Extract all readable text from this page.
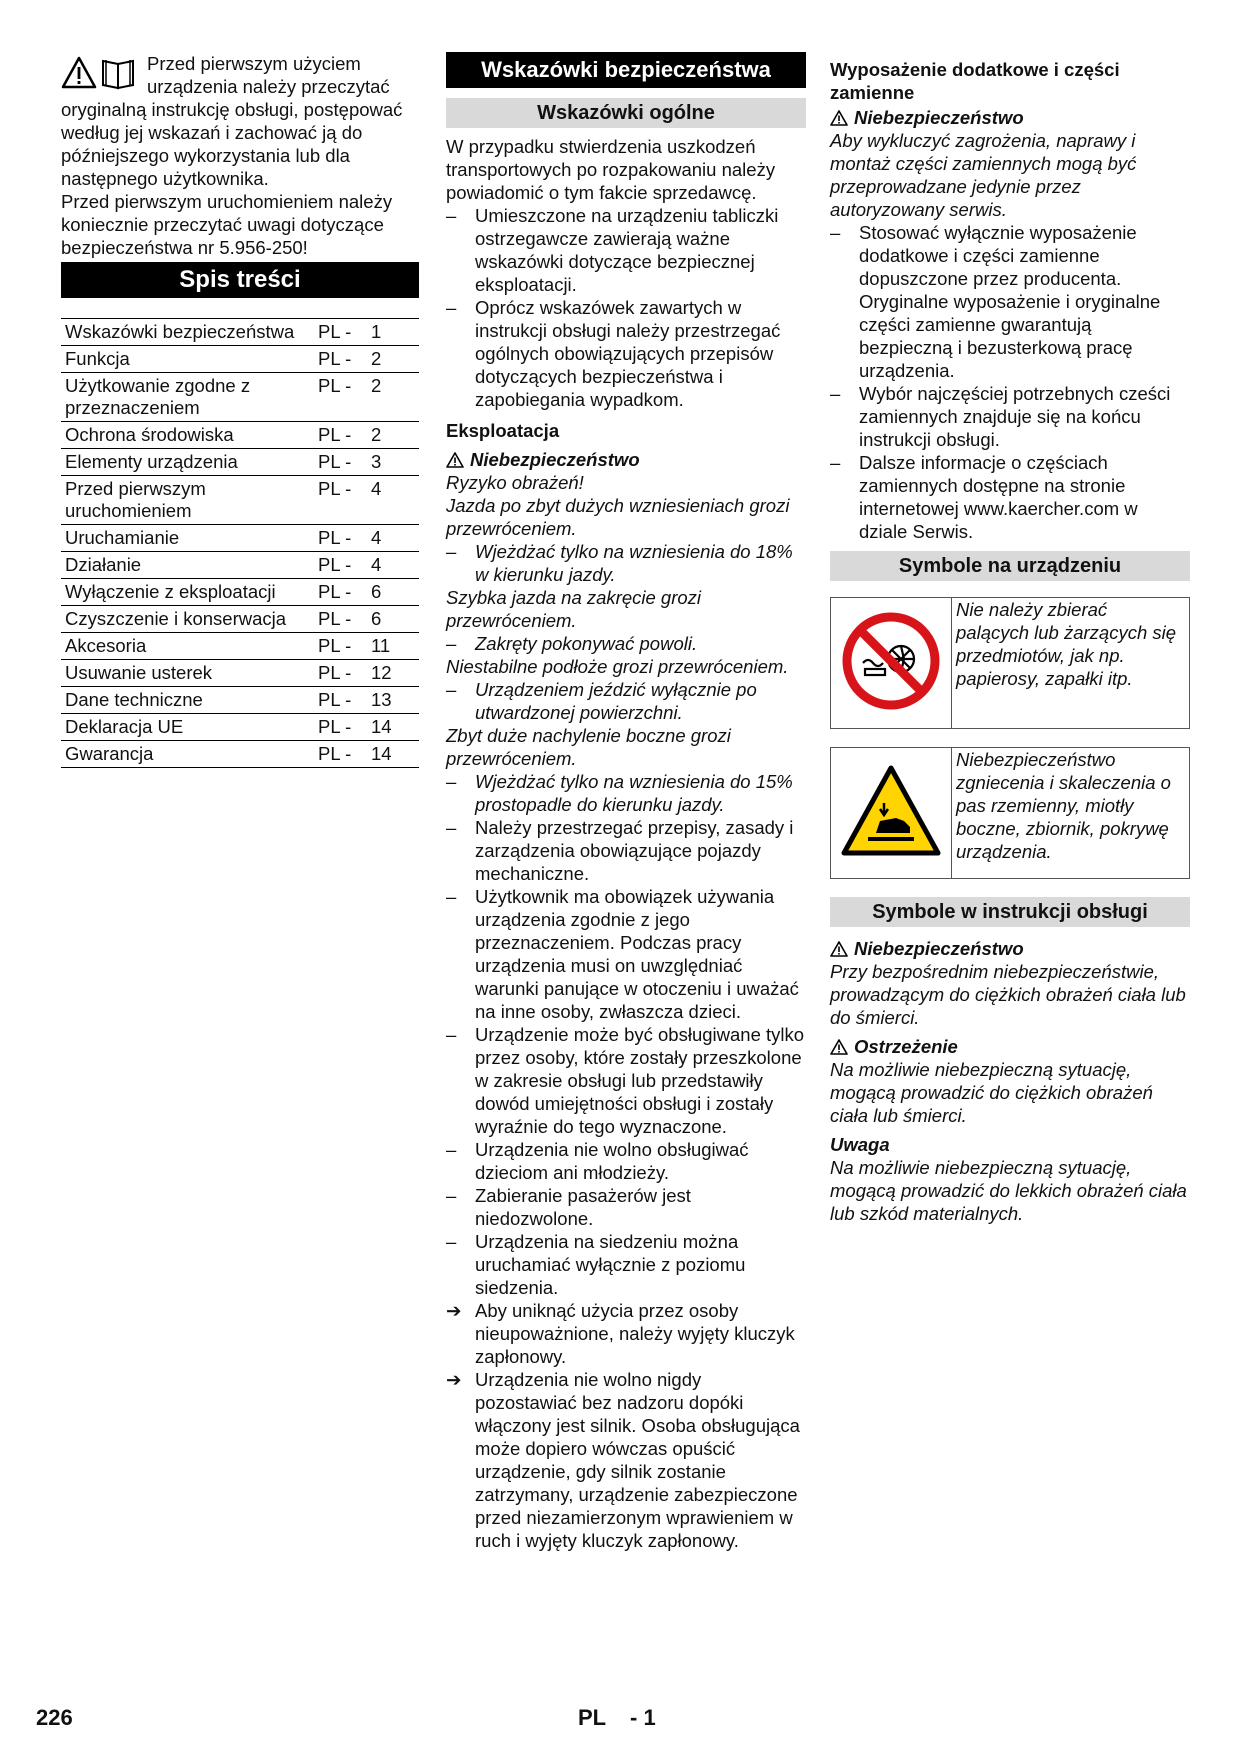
Przed pierwszym użyciem urządzenia należy przeczytać oryginalną instrukcję obsługi, postępować według jej wskazań i zachować ją do późniejszego wykorzystania lub dla następnego użytkownika.

Przed pierwszym uruchomieniem należy koniecznie przeczytać uwagi dotyczące bezpieczeństwa nr 5.956-250!

Spis treści
Wskazówki bezpieczeństwa	PL -	1
Funkcja	PL -	2
Użytkowanie zgodne z przeznaczeniem	PL -	2
Ochrona środowiska	PL -	2
Elementy urządzenia	PL -	3
Przed pierwszym uruchomieniem	PL -	4
Uruchamianie	PL -	4
Działanie	PL -	4
Wyłączenie z eksploatacji	PL -	6
Czyszczenie i konserwacja	PL -	6
Akcesoria	PL -	11
Usuwanie usterek	PL -	12
Dane techniczne	PL -	13
Deklaracja UE	PL -	14
Gwarancja	PL -	14
Wskazówki bezpieczeństwa
Wskazówki ogólne

W przypadku stwierdzenia uszkodzeń transportowych po rozpakowaniu należy powiadomić o tym fakcie sprzedawcę.

– Umieszczone na urządzeniu tabliczki ostrzegawcze zawierają ważne wskazówki dotyczące bezpiecznej eksploatacji.
– Oprócz wskazówek zawartych w instrukcji obsługi należy przestrzegać ogólnych obowiązujących przepisów dotyczących bezpieczeństwa i zapobiegania wypadkom.

Eksploatacja

Niebezpieczeństwo

Ryzyko obrażeń!

Jazda po zbyt dużych wzniesieniach grozi przewróceniem.

– Wjeżdżać tylko na wzniesienia do 18% w kierunku jazdy.

Szybka jazda na zakręcie grozi przewróceniem.

– Zakręty pokonywać powoli.

Niestabilne podłoże grozi przewróceniem.

– Urządzeniem jeździć wyłącznie po utwardzonej powierzchni.

Zbyt duże nachylenie boczne grozi przewróceniem.

– Wjeżdżać tylko na wzniesienia do 15% prostopadle do kierunku jazdy.
– Należy przestrzegać przepisy, zasady i zarządzenia obowiązujące pojazdy mechaniczne.
– Użytkownik ma obowiązek używania urządzenia zgodnie z jego przeznaczeniem. Podczas pracy urządzenia musi on uwzględniać warunki panujące w otoczeniu i uważać na inne osoby, zwłaszcza dzieci.
– Urządzenie może być obsługiwane tylko przez osoby, które zostały przeszkolone w zakresie obsługi lub przedstawiły dowód umiejętności obsługi i zostały wyraźnie do tego wyznaczone.
– Urządzenia nie wolno obsługiwać dzieciom ani młodzieży.
– Zabieranie pasażerów jest niedozwolone.
– Urządzenia na siedzeniu można uruchamiać wyłącznie z poziomu siedzenia.
➔ Aby uniknąć użycia przez osoby nieupoważnione, należy wyjęty kluczyk zapłonowy.
➔ Urządzenia nie wolno nigdy pozostawiać bez nadzoru dopóki włączony jest silnik. Osoba obsługująca może dopiero wówczas opuścić urządzenie, gdy silnik zostanie zatrzymany, urządzenie zabezpieczone przed niezamierzonym wprawieniem w ruch i wyjęty kluczyk zapłonowy.

Wyposażenie dodatkowe i części zamienne

Niebezpieczeństwo

Aby wykluczyć zagrożenia, naprawy i montaż części zamiennych mogą być przeprowadzane jedynie przez autoryzowany serwis.

– Stosować wyłącznie wyposażenie dodatkowe i części zamienne dopuszczone przez producenta. Oryginalne wyposażenie i oryginalne części zamienne gwarantują bezpieczną i bezusterkową pracę urządzenia.
– Wybór najczęściej potrzebnych cześci zamiennych znajduje się na końcu instrukcji obsługi.
– Dalsze informacje o częściach zamiennych dostępne na stronie internetowej www.kaercher.com w dziale Serwis.
Symbole na urządzeniu
	Nie należy zbierać palących lub żarzących się przedmiotów, jak np. papierosy, zapałki itp.
	Niebezpieczeństwo zgniecenia i skaleczenia o pas rzemienny, miotły boczne, zbiornik, pokrywę urządzenia.
Symbole w instrukcji obsługi

Niebezpieczeństwo

Przy bezpośrednim niebezpieczeństwie, prowadzącym do ciężkich obrażeń ciała lub do śmierci.

Ostrzeżenie

Na możliwie niebezpieczną sytuację, mogącą prowadzić do ciężkich obrażeń ciała lub śmierci.

Uwaga

Na możliwie niebezpieczną sytuację, mogącą prowadzić do lekkich obrażeń ciała lub szkód materialnych.

226	PL - 1
